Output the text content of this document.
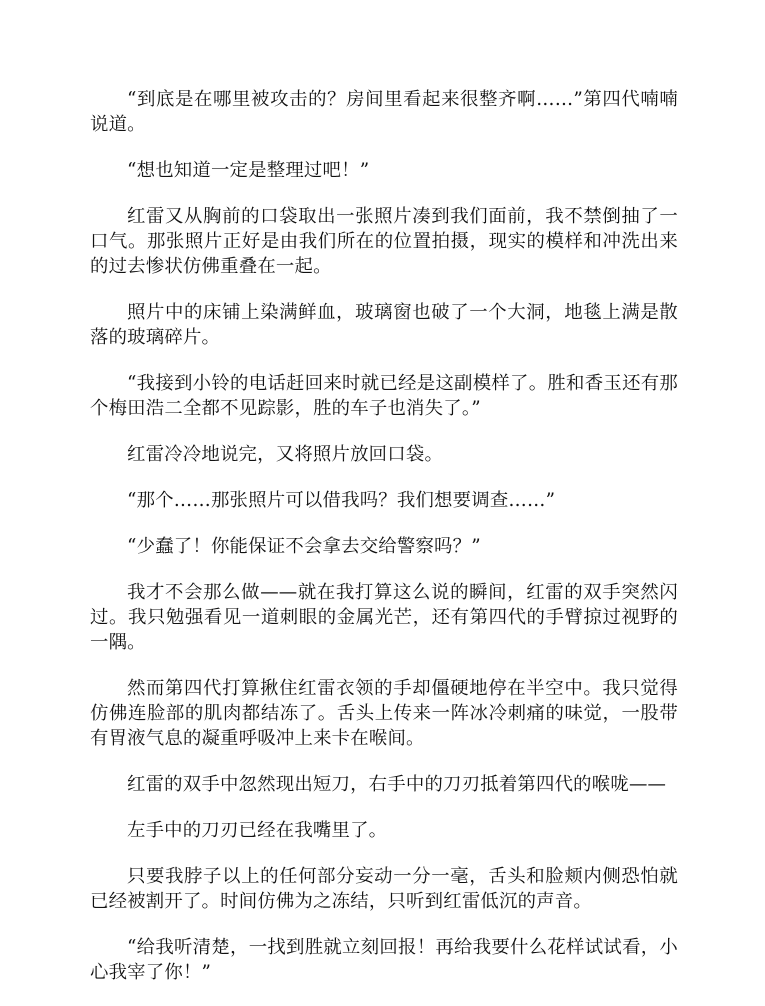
“到底是在哪里被攻击的？房间里看起来很整齐啊……”第四代喃喃说道。

“想也知道一定是整理过吧！”

红雷又从胸前的口袋取出一张照片凑到我们面前，我不禁倒抽了一口气。那张照片正好是由我们所在的位置拍摄，现实的模样和冲洗出来的过去惨状仿佛重叠在一起。

照片中的床铺上染满鲜血，玻璃窗也破了一个大洞，地毯上满是散落的玻璃碎片。

“我接到小铃的电话赶回来时就已经是这副模样了。胜和香玉还有那个梅田浩二全都不见踪影，胜的车子也消失了。”

红雷冷冷地说完，又将照片放回口袋。

“那个……那张照片可以借我吗？我们想要调查……”

“少蠢了！你能保证不会拿去交给警察吗？”

我才不会那么做——就在我打算这么说的瞬间，红雷的双手突然闪过。我只勉强看见一道刺眼的金属光芒，还有第四代的手臂掠过视野的一隅。

然而第四代打算揪住红雷衣领的手却僵硬地停在半空中。我只觉得仿佛连脸部的肌肉都结冻了。舌头上传来一阵冰冷刺痛的味觉，一股带有胃液气息的凝重呼吸冲上来卡在喉间。

红雷的双手中忽然现出短刀，右手中的刀刃抵着第四代的喉咙——

左手中的刀刃已经在我嘴里了。

只要我脖子以上的任何部分妄动一分一毫，舌头和脸颊内侧恐怕就已经被割开了。时间仿佛为之冻结，只听到红雷低沉的声音。

“给我听清楚，一找到胜就立刻回报！再给我要什么花样试试看，小心我宰了你！”
